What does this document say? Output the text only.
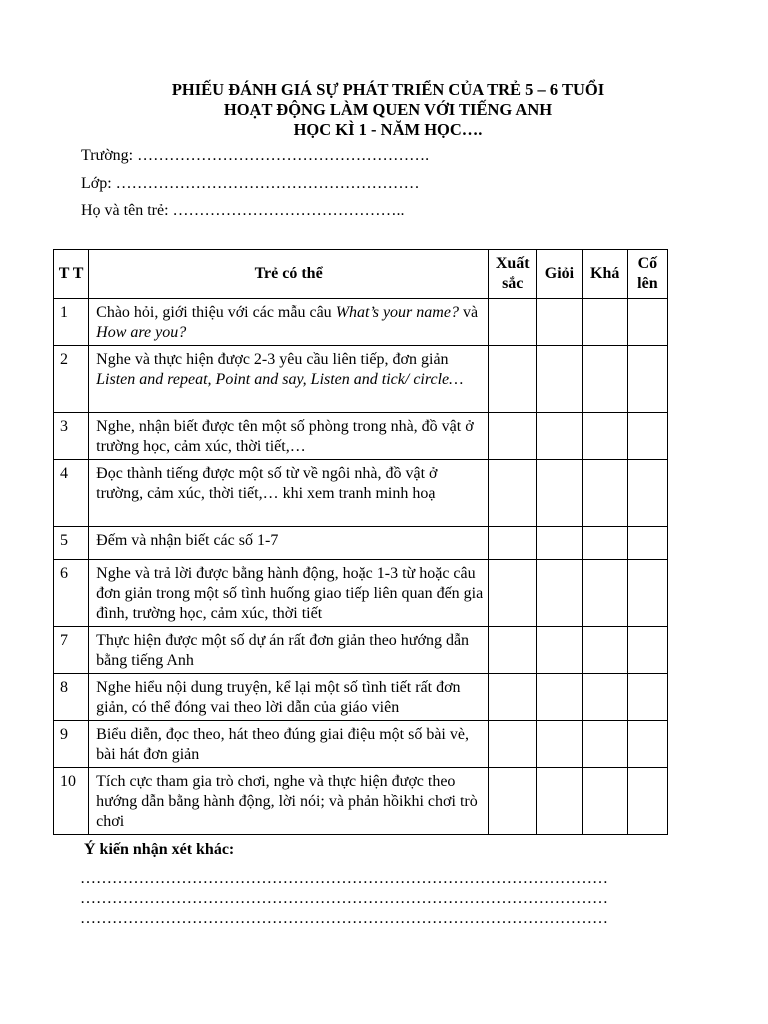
PHIẾU ĐÁNH GIÁ SỰ PHÁT TRIỂN CỦA TRẺ 5 – 6 TUỔI
HOẠT ĐỘNG LÀM QUEN VỚI TIẾNG ANH
HỌC KÌ 1 - NĂM HỌC….
Trường: ……………………………………………….
Lớp: …………………………………………………
Họ và tên trẻ: ……………………………………..
T T	Trẻ có thể	Xuất sắc	Giỏi	Khá	Cố lên

1	Chào hỏi, giới thiệu với các mẫu câu What’s your name? và How are you?				
2	Nghe và thực hiện được 2-3 yêu cầu liên tiếp, đơn giản Listen and repeat, Point and say, Listen and tick/ circle…				
3	Nghe, nhận biết được tên một số phòng trong nhà, đồ vật ở trường học, cảm xúc, thời tiết,…				
4	Đọc thành tiếng được một số từ về ngôi nhà, đồ vật ở trường, cảm xúc, thời tiết,… khi xem tranh minh hoạ				
5	Đếm và nhận biết các số 1-7				
6	Nghe và trả lời được bằng hành động, hoặc 1-3 từ hoặc câu đơn giản trong một số tình huống giao tiếp liên quan đến gia đình, trường học, cảm xúc, thời tiết				
7	Thực hiện được một số dự án rất đơn giản theo hướng dẫn bằng tiếng Anh				
8	Nghe hiểu nội dung truyện, kể lại một số tình tiết rất đơn giản, có thể đóng vai theo lời dẫn của giáo viên				
9	Biểu diễn, đọc theo, hát theo đúng giai điệu một số bài vè, bài hát đơn giản				
10	Tích cực tham gia trò chơi, nghe và thực hiện được theo hướng dẫn bằng hành động, lời nói; và phản hồikhi chơi trò chơi				
Ý kiến nhận xét khác:
………………………………………………………………………………………
………………………………………………………………………………………
………………………………………………………………………………………
